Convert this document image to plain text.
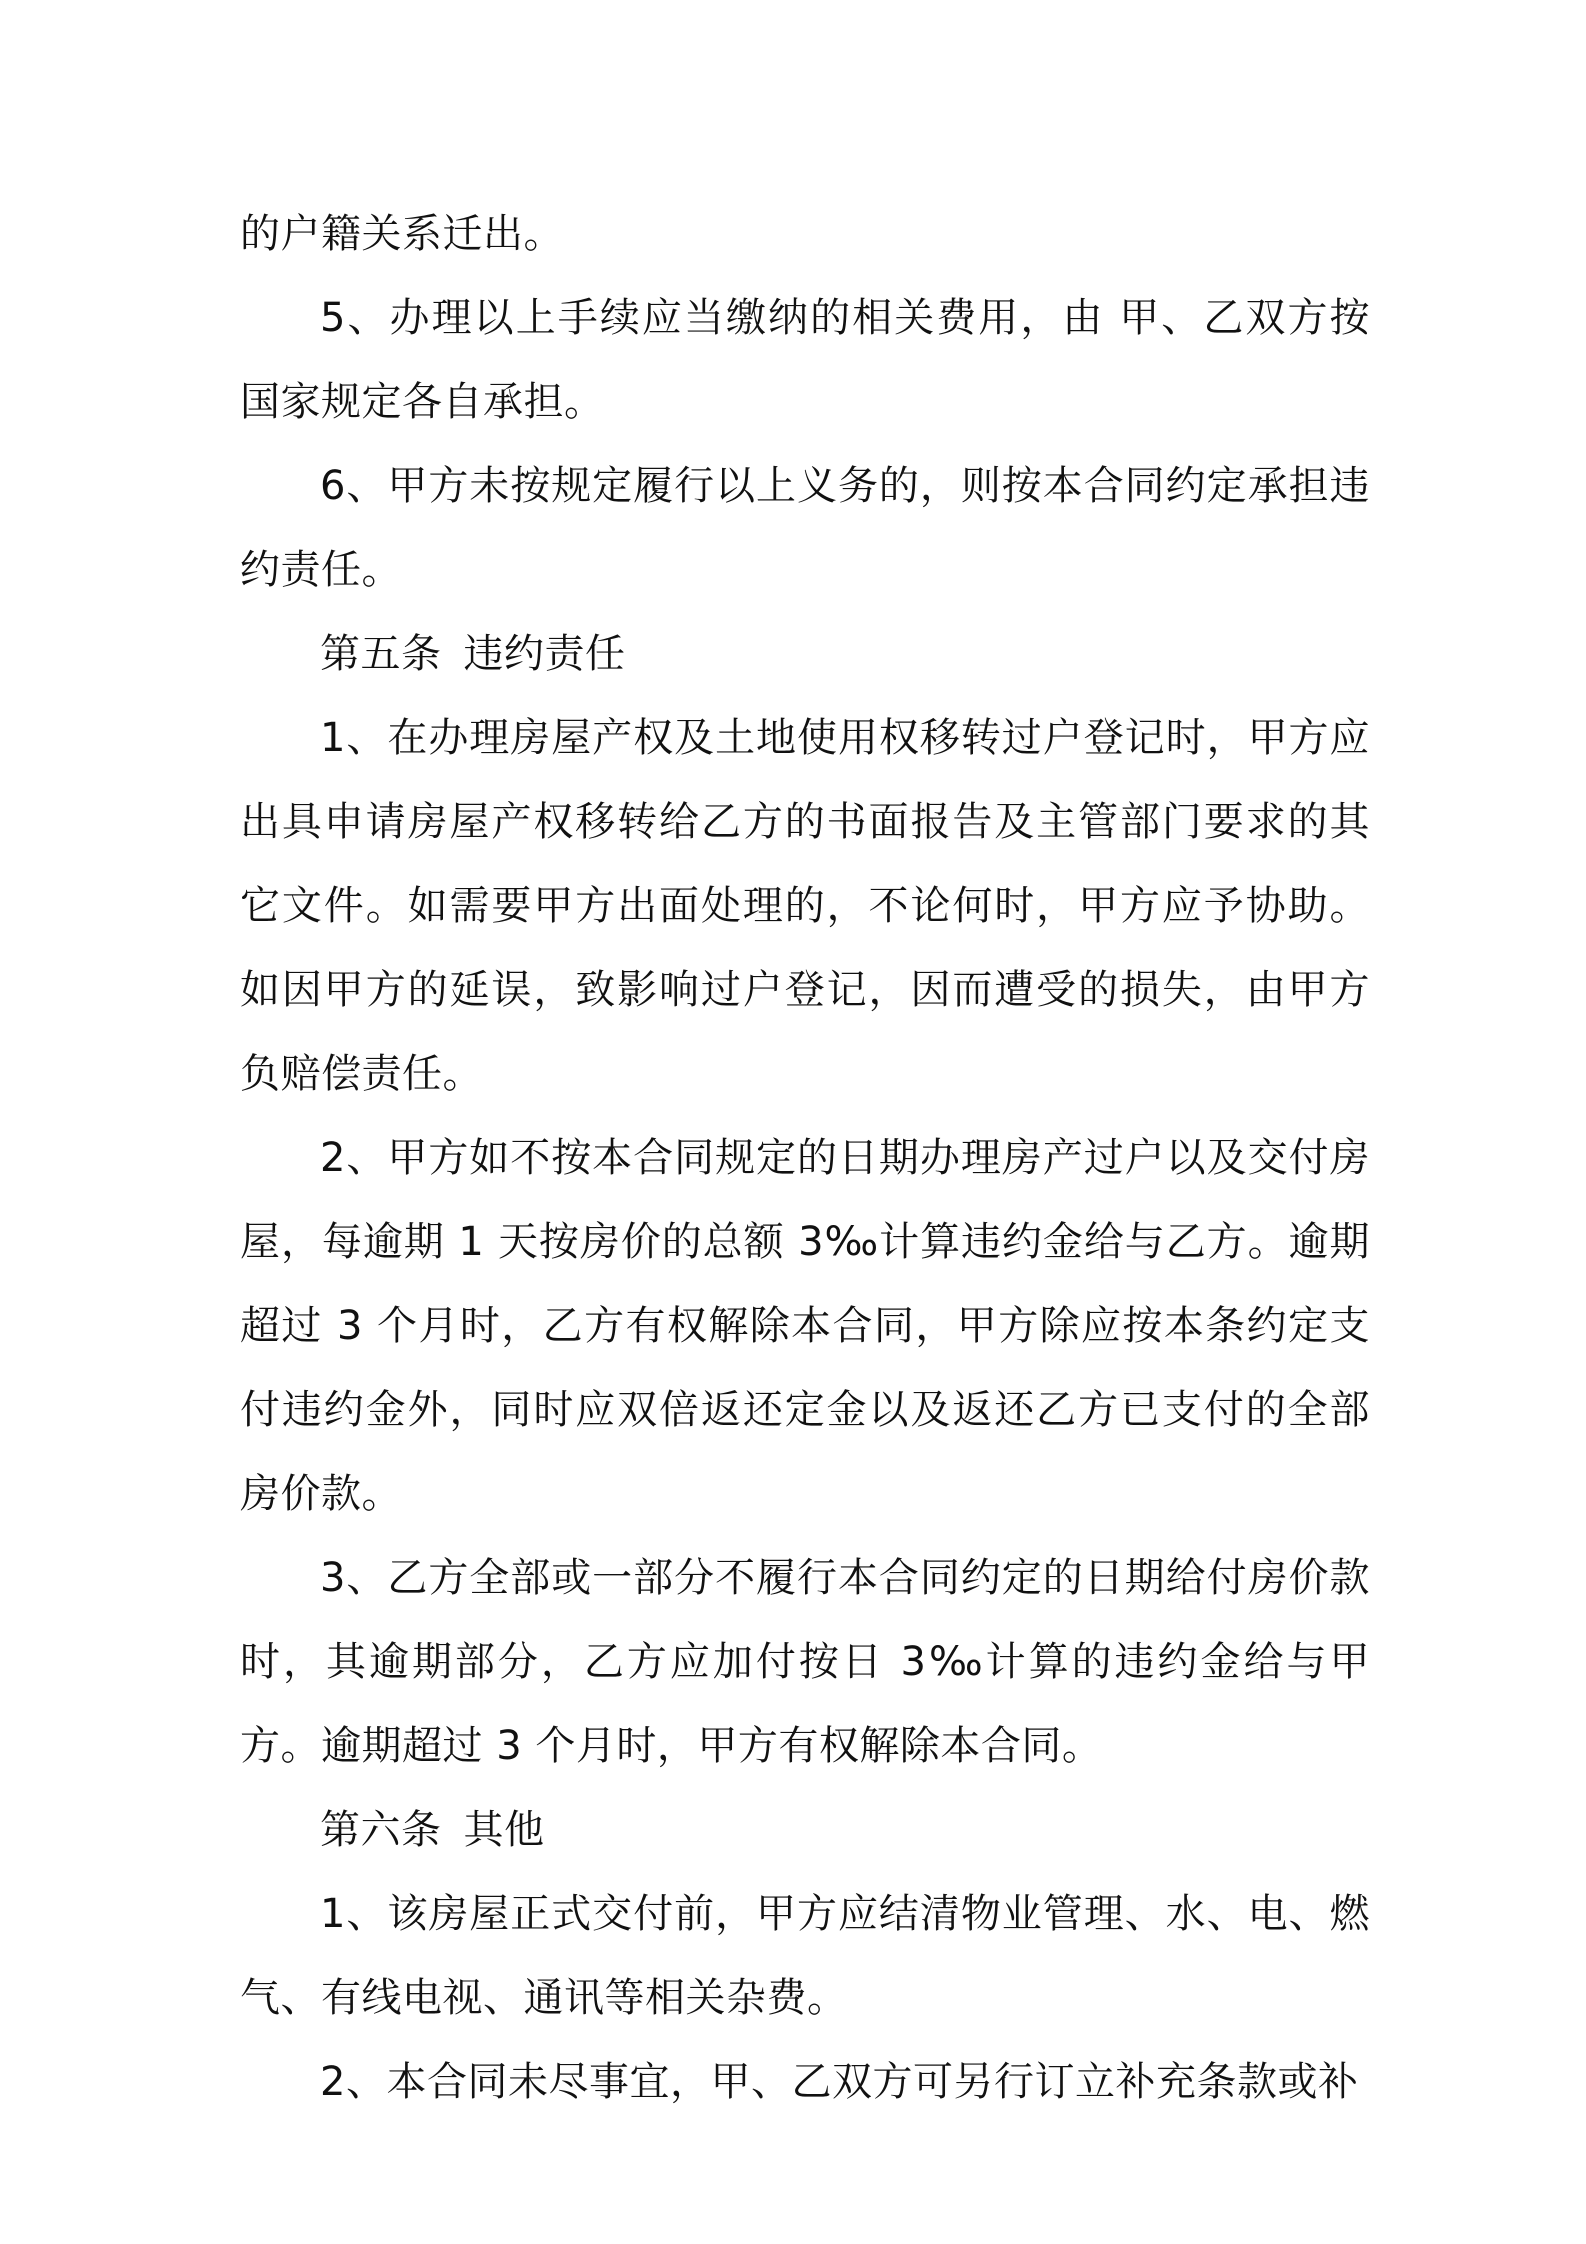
的户籍关系迁出。

5、办理以上手续应当缴纳的相关费用，由 甲、乙双方按国家规定各自承担。

6、甲方未按规定履行以上义务的，则按本合同约定承担违约责任。

第五条 违约责任

1、在办理房屋产权及土地使用权移转过户登记时，甲方应出具申请房屋产权移转给乙方的书面报告及主管部门要求的其它文件。如需要甲方出面处理的，不论何时，甲方应予协助。如因甲方的延误，致影响过户登记，因而遭受的损失，由甲方负赔偿责任。

2、甲方如不按本合同规定的日期办理房产过户以及交付房屋，每逾期 1 天按房价的总额 3‰计算违约金给与乙方。逾期超过 3 个月时，乙方有权解除本合同，甲方除应按本条约定支付违约金外，同时应双倍返还定金以及返还乙方已支付的全部房价款。

3、乙方全部或一部分不履行本合同约定的日期给付房价款时，其逾期部分，乙方应加付按日 3‰计算的违约金给与甲方。逾期超过 3 个月时，甲方有权解除本合同。

第六条 其他

1、该房屋正式交付前，甲方应结清物业管理、水、电、燃气、有线电视、通讯等相关杂费。

2、本合同未尽事宜，甲、乙双方可另行订立补充条款或补
